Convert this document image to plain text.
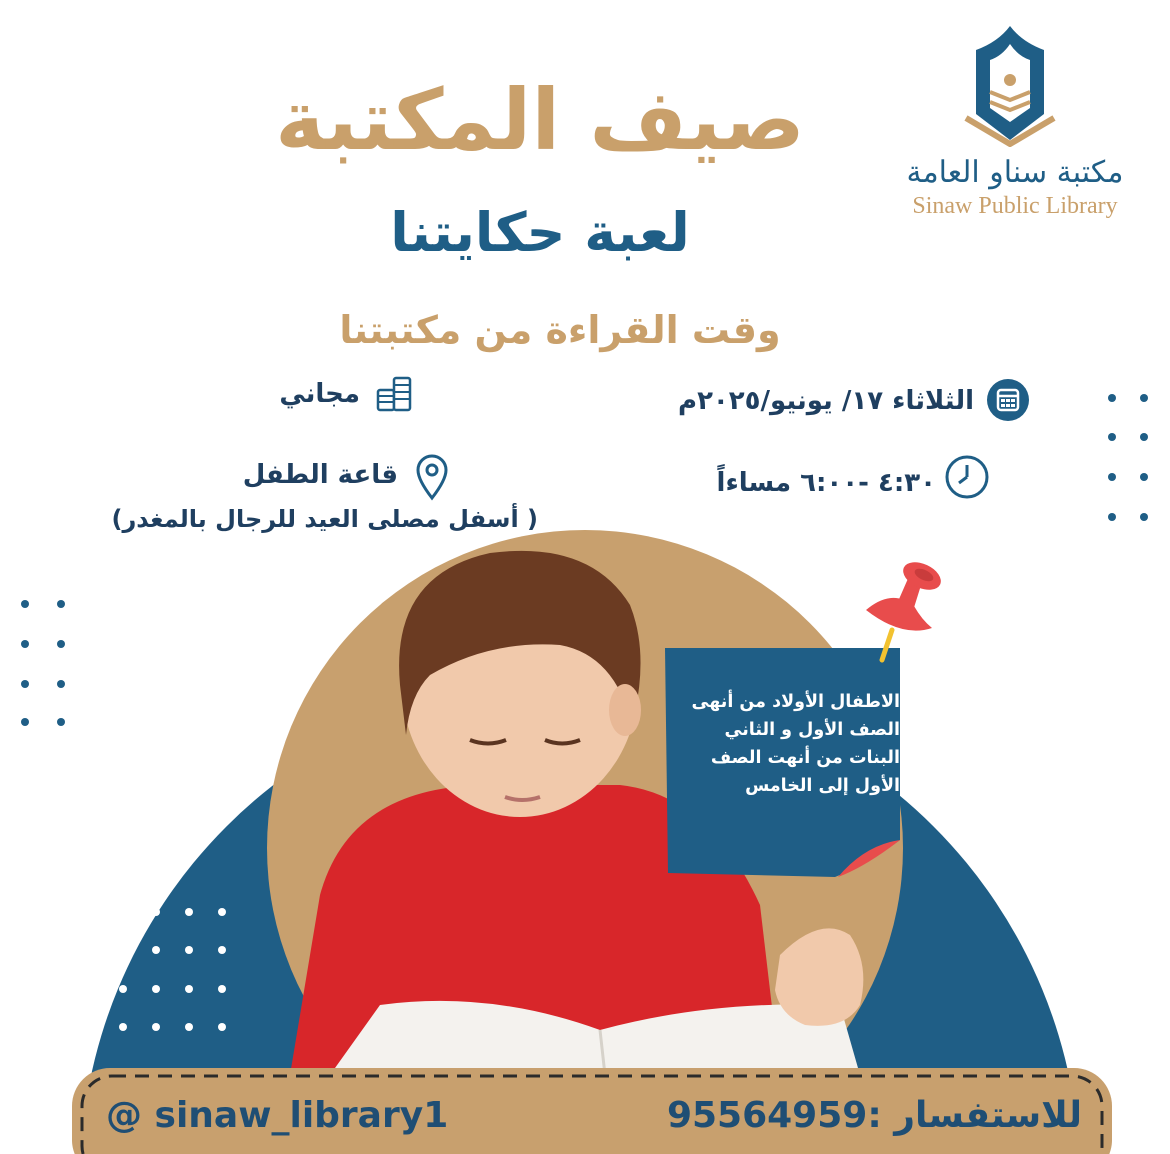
مكتبة سناو العامة
Sinaw Public Library
صيف المكتبة
لعبة حكايتنا
وقت القراءة من مكتبتنا
الثلاثاء ١٧/ يونيو/٢٠٢٥م
٤:٣٠ -٦:٠٠ مساءاً
مجاني
قاعة الطفل
( أسفل مصلى العيد للرجال بالمغدر)
الاطفال الأولاد من أنهى
الصف الأول و الثاني
البنات من أنهت الصف
الأول إلى الخامس
للاستفسار :95564959
@ sinaw_library1
